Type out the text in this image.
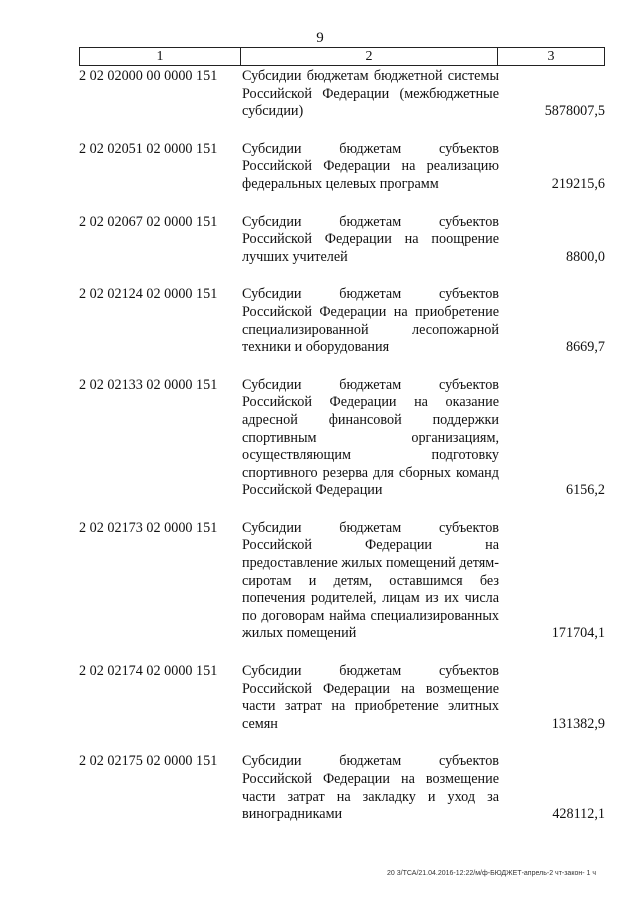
9
1	2	3
2 02 02000 00 0000 151	Субсидии бюджетам бюджетной системы Российской Федерации (межбюджетные субсидии)	5878007,5
2 02 02051 02 0000 151	Субсидии бюджетам субъектов Российской Федерации на реализацию федеральных целевых программ	219215,6
2 02 02067 02 0000 151	Субсидии бюджетам субъектов Российской Федерации на поощрение лучших учителей	8800,0
2 02 02124 02 0000 151	Субсидии бюджетам субъектов Российской Федерации на приобретение специализированной лесопожарной техники и оборудования	8669,7
2 02 02133 02 0000 151	Субсидии бюджетам субъектов Российской Федерации на оказание адресной финансовой поддержки спортивным организациям, осуществляющим подготовку спортивного резерва для сборных команд Российской Федерации	6156,2
2 02 02173 02 0000 151	Субсидии бюджетам субъектов Российской Федерации на предоставление жилых помещений детям-сиротам и детям, оставшимся без попечения родителей, лицам из их числа по договорам найма специализированных жилых помещений	171704,1
2 02 02174 02 0000 151	Субсидии бюджетам субъектов Российской Федерации на возмещение части затрат на приобретение элитных семян	131382,9
2 02 02175 02 0000 151	Субсидии бюджетам субъектов Российской Федерации на возмещение части затрат на закладку и уход за виноградниками	428112,1
20 3/ТСА/21.04.2016-12:22/м/ф-БЮДЖЕТ-апрель-2 чт-закон- 1 ч
